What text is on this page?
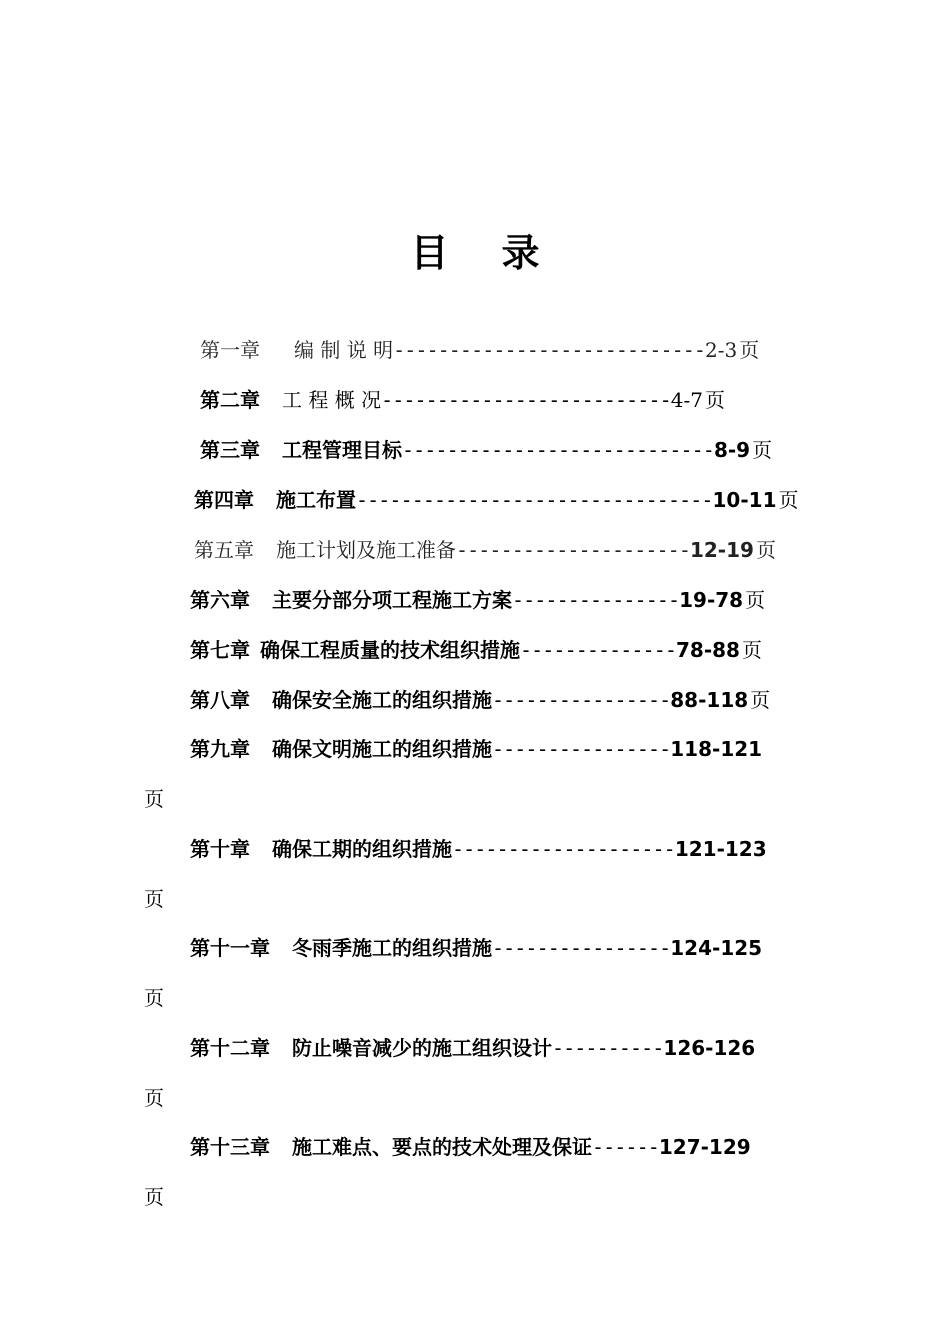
目    录
第一章 编 制 说 明----------------------------2-3 页
第二章 工 程 概 况--------------------------4-7 页
第三章 工程管理目标----------------------------8-9 页
第四章 施工布置--------------------------------10-11 页
第五章 施工计划及施工准备---------------------12-19 页
第六章 主要分部分项工程施工方案---------------19-78 页
第七章 确保工程质量的技术组织措施--------------78-88 页
第八章 确保安全施工的组织措施----------------88-118 页
第九章 确保文明施工的组织措施----------------118-121
页
第十章 确保工期的组织措施--------------------121-123
页
第十一章 冬雨季施工的组织措施----------------124-125
页
第十二章 防止噪音减少的施工组织设计----------126-126
页
第十三章 施工难点、要点的技术处理及保证------127-129
页
